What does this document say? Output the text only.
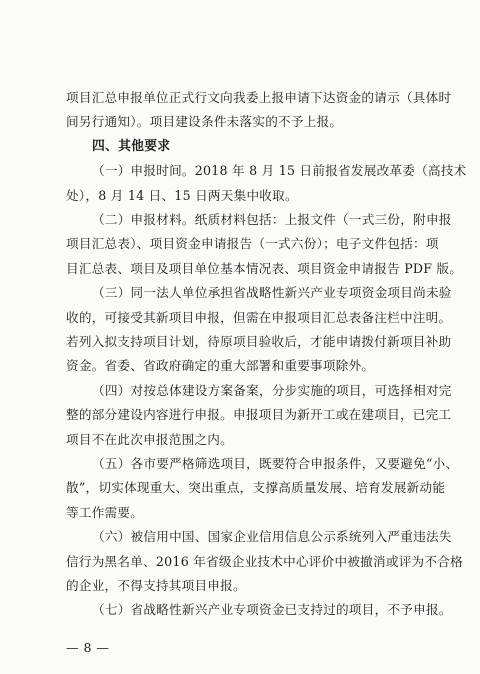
项目汇总申报单位正式行文向我委上报申请下达资金的请示（具体时
间另行通知）。项目建设条件未落实的不予上报。
四、其他要求
（一）申报时间。2018 年 8 月 15 日前报省发展改革委（高技术
处），8 月 14 日、15 日两天集中收取。
（二）申报材料。纸质材料包括：上报文件（一式三份，附申报
项目汇总表）、项目资金申请报告（一式六份）；电子文件包括：项
目汇总表、项目及项目单位基本情况表、项目资金申请报告 PDF 版。
（三）同一法人单位承担省战略性新兴产业专项资金项目尚未验
收的，可接受其新项目申报，但需在申报项目汇总表备注栏中注明。
若列入拟支持项目计划，待原项目验收后，才能申请拨付新项目补助
资金。省委、省政府确定的重大部署和重要事项除外。
（四）对按总体建设方案备案，分步实施的项目，可选择相对完
整的部分建设内容进行申报。申报项目为新开工或在建项目，已完工
项目不在此次申报范围之内。
（五）各市要严格筛选项目，既要符合申报条件，又要避免“小、
散”，切实体现重大、突出重点，支撑高质量发展、培育发展新动能
等工作需要。
（六）被信用中国、国家企业信用信息公示系统列入严重违法失
信行为黑名单、2016 年省级企业技术中心评价中被撤消或评为不合格
的企业，不得支持其项目申报。
（七）省战略性新兴产业专项资金已支持过的项目，不予申报。
— 8 —
